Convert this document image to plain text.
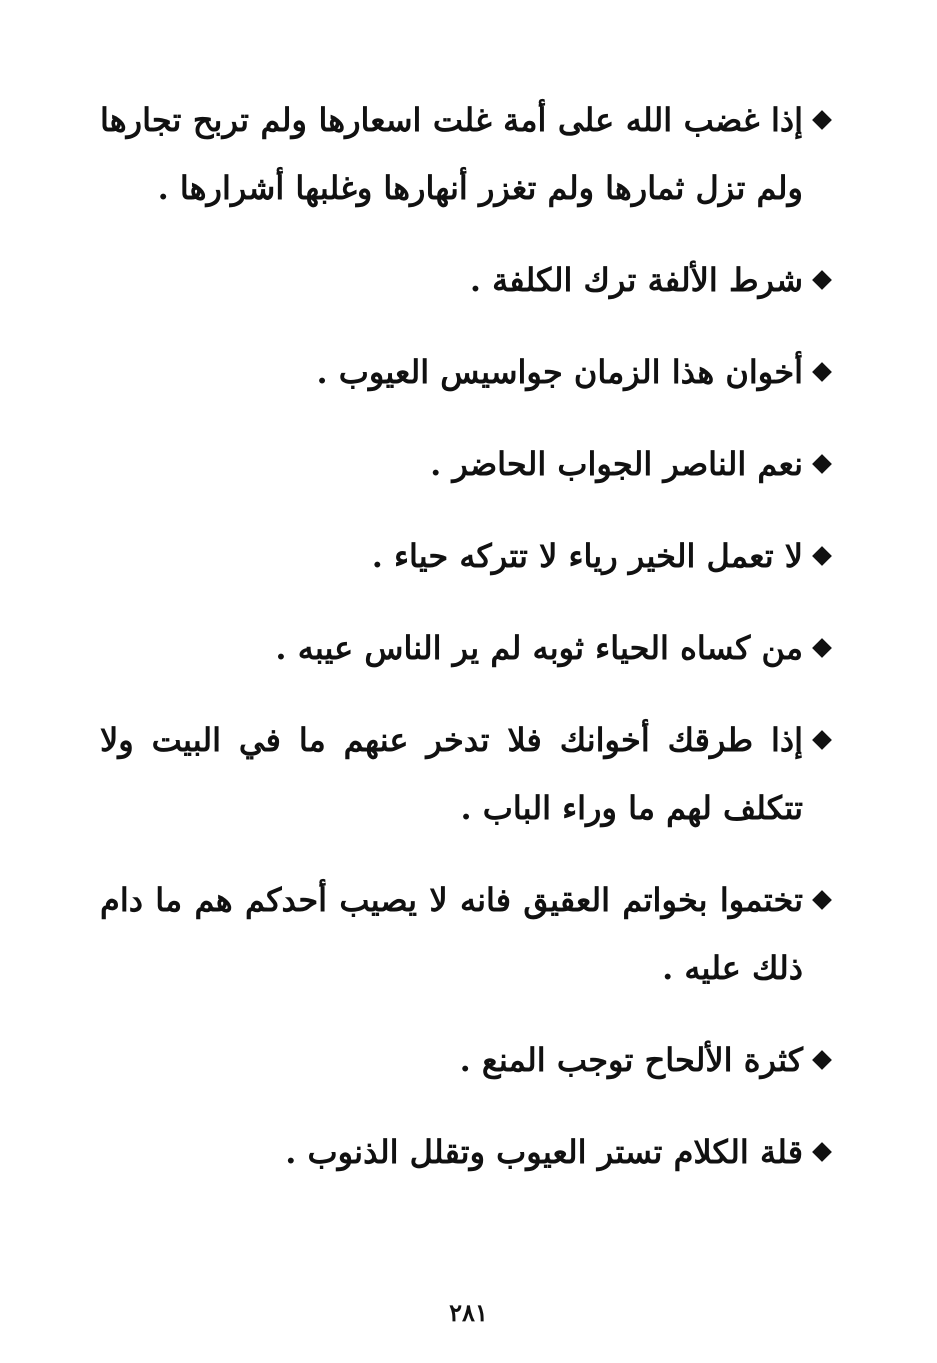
إذا غضب الله على أمة غلت اسعارها ولم تربح تجارها ولم تزل ثمارها ولم تغزر أنهارها وغلبها أشرارها .
شرط الألفة ترك الكلفة .
أخوان هذا الزمان جواسيس العيوب .
نعم الناصر الجواب الحاضر .
لا تعمل الخير رياء لا تتركه حياء .
من كساه الحياء ثوبه لم ير الناس عيبه .
إذا طرقك أخوانك فلا تدخر عنهم ما في البيت ولا تتكلف لهم ما وراء الباب .
تختموا بخواتم العقيق فانه لا يصيب أحدكم هم ما دام ذلك عليه .
كثرة الألحاح توجب المنع .
قلة الكلام تستر العيوب وتقلل الذنوب .
٢٨١
